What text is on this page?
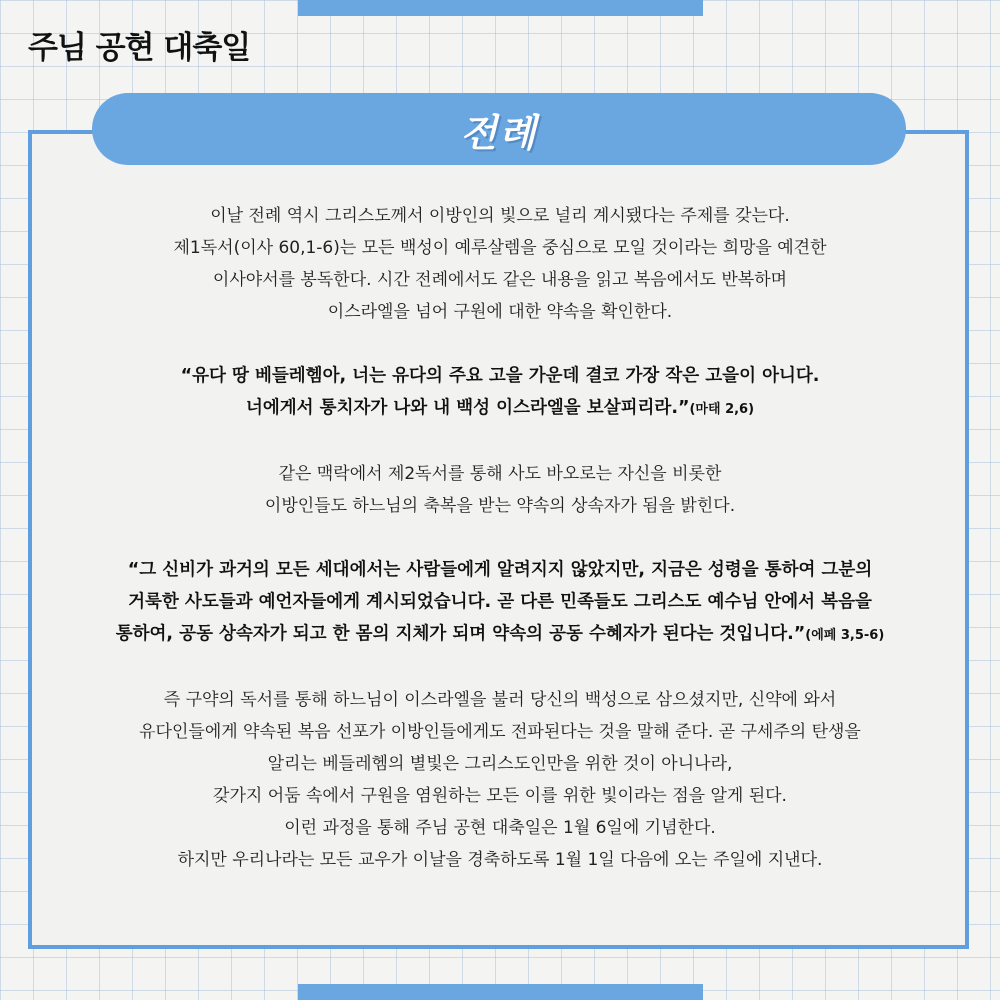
주님 공현 대축일
전례

이날 전례 역시 그리스도께서 이방인의 빛으로 널리 계시됐다는 주제를 갖는다.
제1독서(이사 60,1-6)는 모든 백성이 예루살렘을 중심으로 모일 것이라는 희망을 예견한
이사야서를 봉독한다. 시간 전례에서도 같은 내용을 읽고 복음에서도 반복하며
이스라엘을 넘어 구원에 대한 약속을 확인한다.

“유다 땅 베들레헴아, 너는 유다의 주요 고을 가운데 결코 가장 작은 고을이 아니다.
너에게서 통치자가 나와 내 백성 이스라엘을 보살피리라.”(마태 2,6)

같은 맥락에서 제2독서를 통해 사도 바오로는 자신을 비롯한
이방인들도 하느님의 축복을 받는 약속의 상속자가 됨을 밝힌다.

“그 신비가 과거의 모든 세대에서는 사람들에게 알려지지 않았지만, 지금은 성령을 통하여 그분의
거룩한 사도들과 예언자들에게 계시되었습니다. 곧 다른 민족들도 그리스도 예수님 안에서 복음을
통하여, 공동 상속자가 되고 한 몸의 지체가 되며 약속의 공동 수혜자가 된다는 것입니다.”(에페 3,5-6)

즉 구약의 독서를 통해 하느님이 이스라엘을 불러 당신의 백성으로 삼으셨지만, 신약에 와서
유다인들에게 약속된 복음 선포가 이방인들에게도 전파된다는 것을 말해 준다. 곧 구세주의 탄생을
알리는 베들레헴의 별빛은 그리스도인만을 위한 것이 아니나라,
갖가지 어둠 속에서 구원을 염원하는 모든 이를 위한 빛이라는 점을 알게 된다.
이런 과정을 통해 주님 공현 대축일은 1월 6일에 기념한다.
하지만 우리나라는 모든 교우가 이날을 경축하도록 1월 1일 다음에 오는 주일에 지낸다.
